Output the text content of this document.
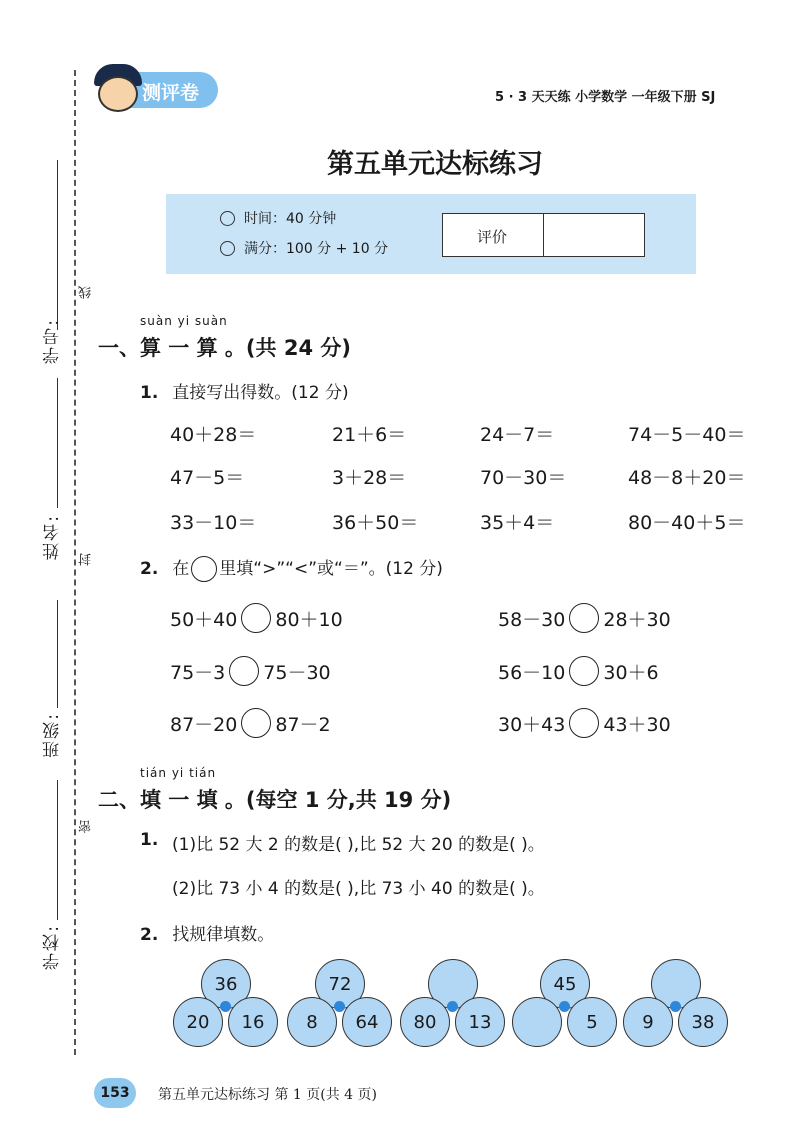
学号:
线
姓名: 封
班级:
密
学校:
测评卷	5 · 3 天天练 小学数学 一年级下册 SJ
第五单元达标练习
时间：40 分钟
满分：100 分 + 10 分
评价
suàn yi suàn
一、算 一 算 。(共 24 分)
1. 直接写出得数。(12 分)
40＋28＝	21＋6＝	24－7＝	74－5－40＝
47－5＝	3＋28＝	70－30＝	48－8＋20＝
33－10＝	36＋50＝	35＋4＝	80－40＋5＝
2. 在 里填“>”“<”或“＝”。(12 分)
50＋40 80＋10	58－30 28＋30
75－3 75－30	56－10 30＋6
87－20 87－2	30＋43 43＋30
tián yi tián
二、填 一 填 。(每空 1 分,共 19 分)
1. (1)比 52 大 2 的数是( ),比 52 大 20 的数是( )。
(2)比 73 小 4 的数是( ),比 73 小 40 的数是( )。
2. 找规律填数。
36
20	16
72
8	64	80	13
45
5	9	38
153	第五单元达标练习 第 1 页(共 4 页)
